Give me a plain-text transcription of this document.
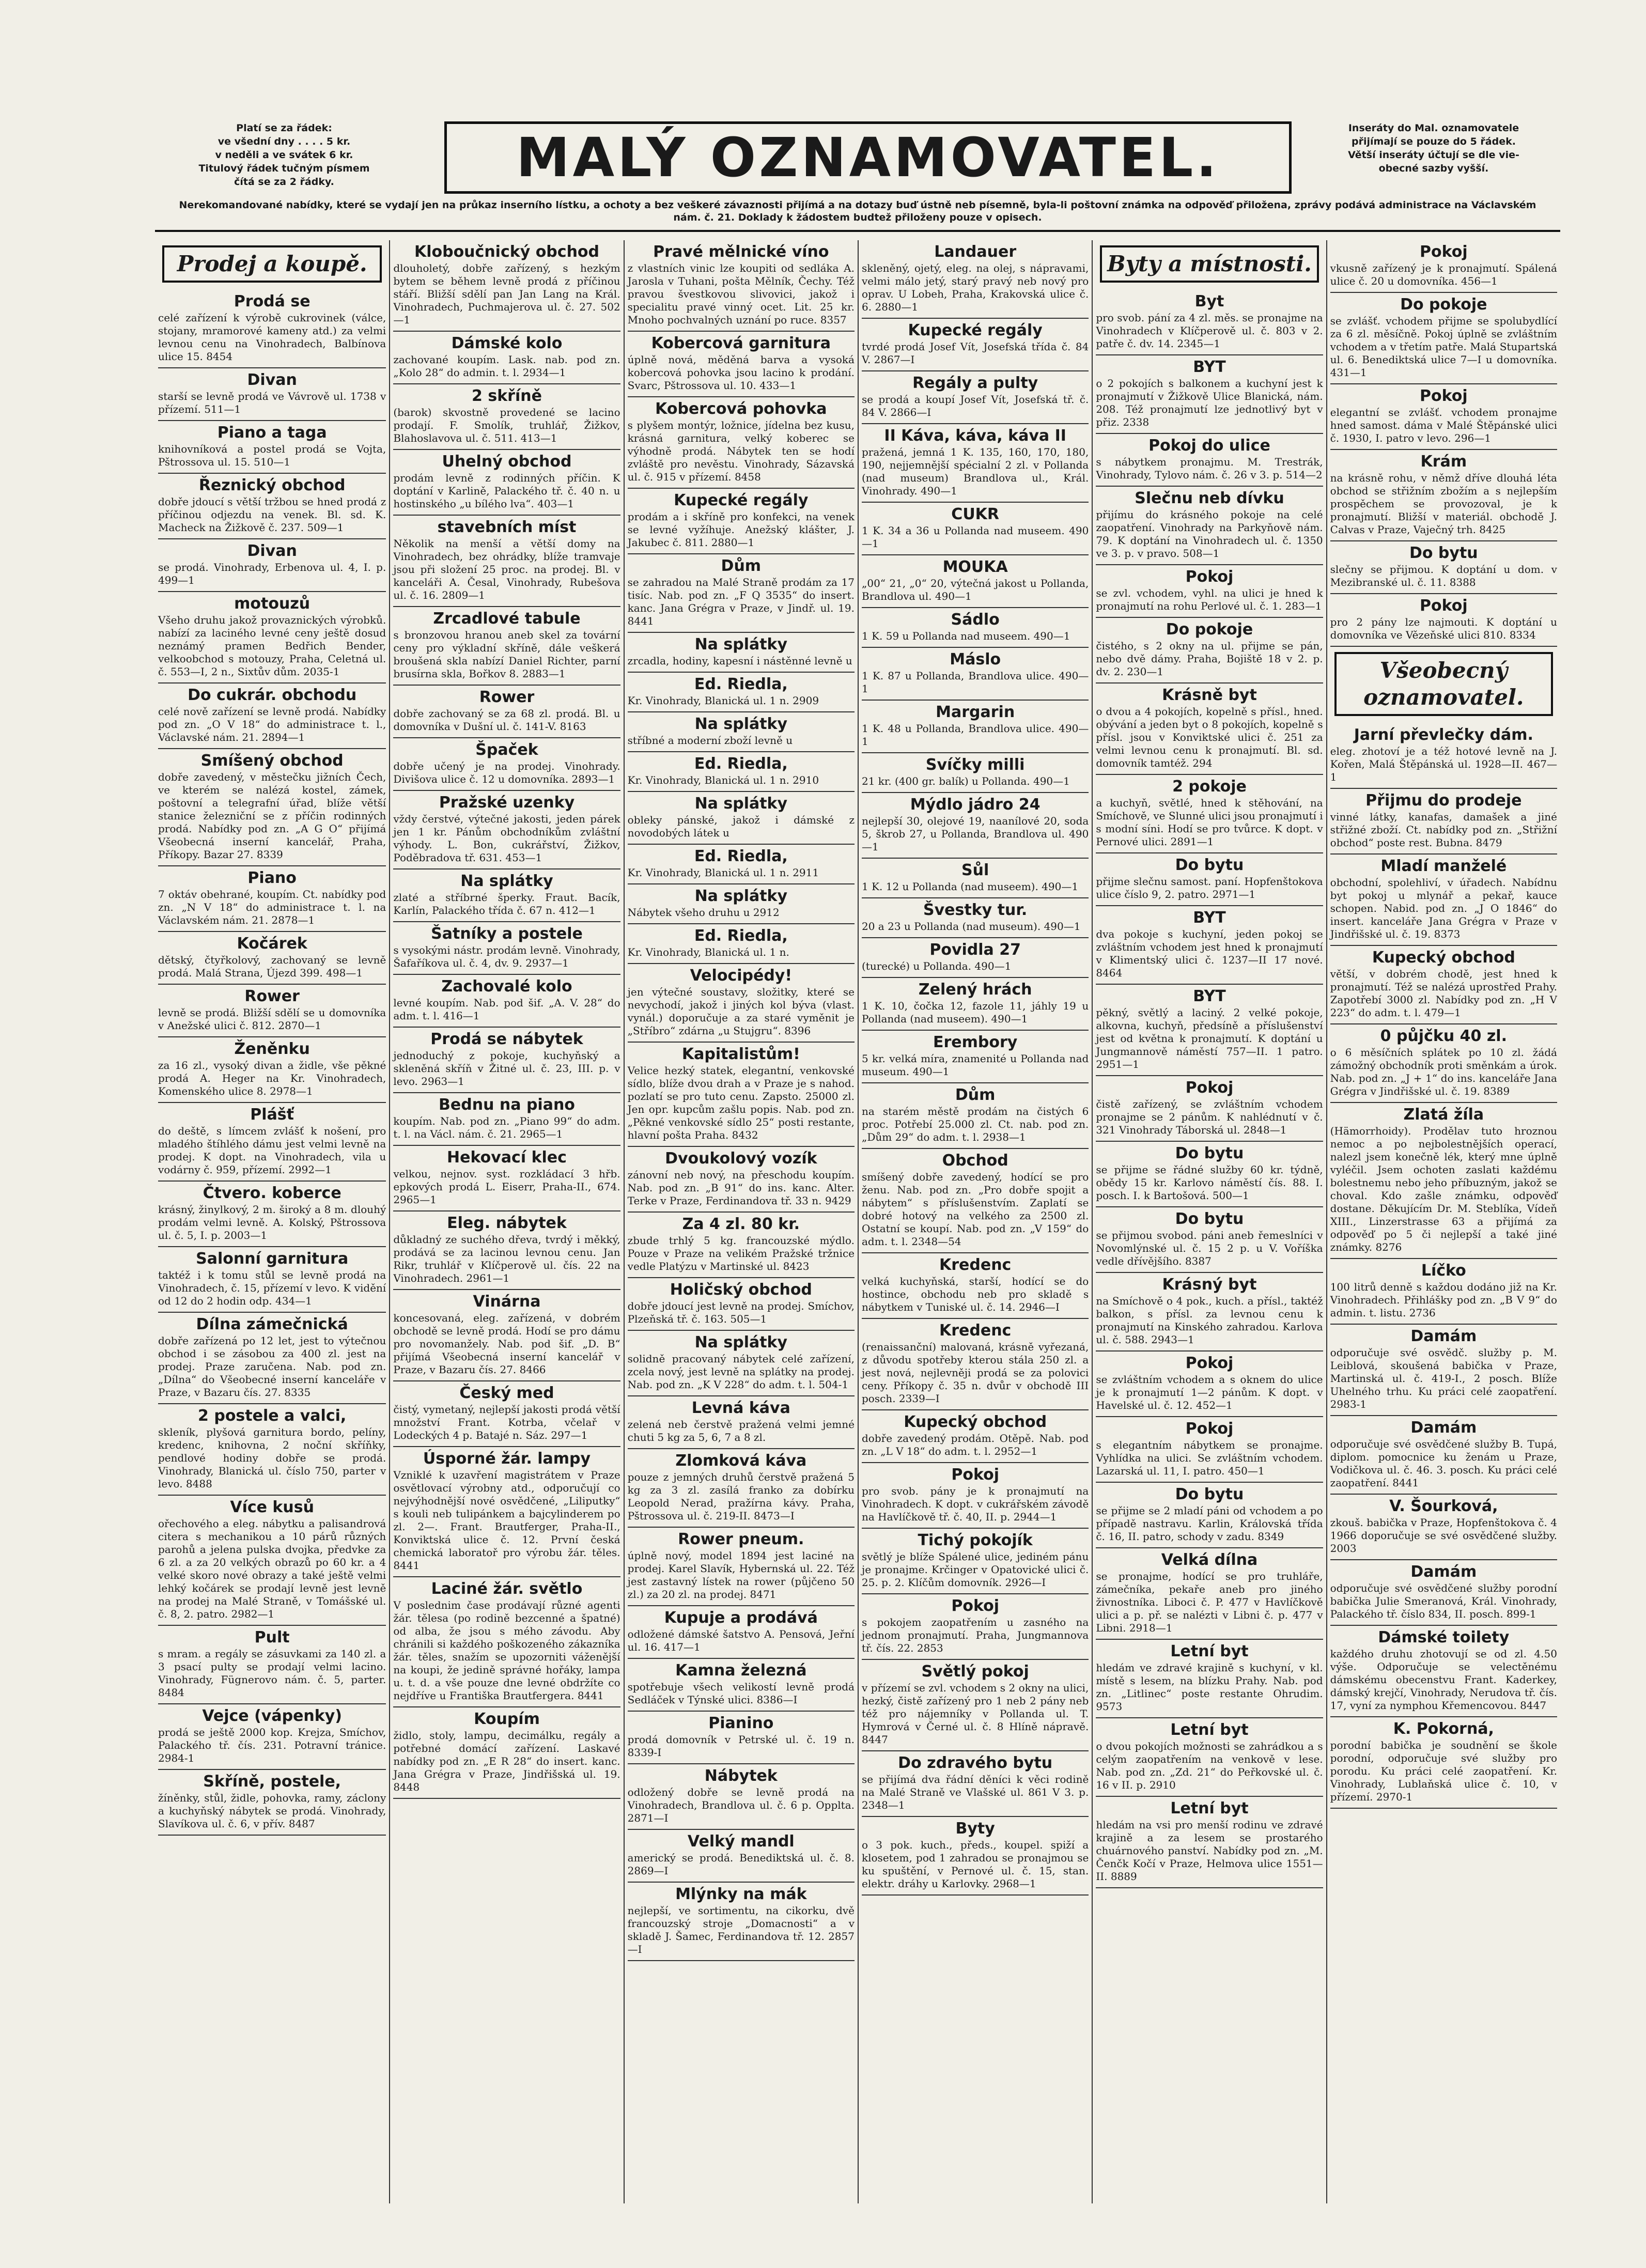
Platí se za řádek:
ve všední dny . . . . 5 kr.
v neděli a ve svátek 6 kr.
Titulový řádek tučným písmem
čítá se za 2 řádky.	MALÝ OZNAMOVATEL.	Inseráty do Mal. oznamovatele
přijímají se pouze do 5 řádek.
Větší inseráty účtují se dle vie-
obecné sazby vyšší.
Nerekomandované nabídky, které se vydají jen na průkaz inserního lístku, a ochoty a bez veškeré závaznosti přijímá a na dotazy buď ústně neb písemně, byla-li poštovní známka na odpověď přiložena, zprávy podává administrace na Václavském nám. č. 21. Doklady k žádostem budtež přiloženy pouze v opisech.
Prodej a koupě.
Prodá se

celé zařízení k výrobě cukrovinek (válce, stojany, mramorové kameny atd.) za velmi levnou cenu na Vinohradech, Balbínova ulice 15. 8454

Divan

starší se levně prodá ve Vávrově ul. 1738 v přízemí. 511—1

Piano a taga

knihovníková a postel prodá se Vojta, Pštrossova ul. 15. 510—1

Řeznický obchod

dobře jdoucí s větší tržbou se hned prodá z příčinou odjezdu na venek. Bl. sd. K. Macheck na Žižkově č. 237. 509—1

Divan

se prodá. Vinohrady, Erbenova ul. 4, I. p. 499—1

motouzů

Všeho druhu jakož provaznických výrobků. nabízí za laciného levné ceny ještě dosud neznámý pramen Bedřich Bender, velkoobchod s motouzy, Praha, Celetná ul. č. 553—I, 2 n., Sixtův dům. 2035-1

Do cukrár. obchodu

celé nově zařízení se levně prodá. Nabídky pod zn. „O V 18“ do administrace t. l., Václavské nám. 21. 2894—1

Smíšený obchod

dobře zavedený, v městečku jižních Čech, ve kterém se nalézá kostel, zámek, poštovní a telegrafní úřad, blíže větší stanice železniční se z příčin rodinných prodá. Nabídky pod zn. „A G O“ přijímá Všeobecná inserní kancelář, Praha, Příkopy. Bazar 27. 8339

Piano

7 oktáv obehrané, koupím. Ct. nabídky pod zn. „N V 18“ do administrace t. l. na Václavském nám. 21. 2878—1

Kočárek

dětský, čtyřkolový, zachovaný se levně prodá. Malá Strana, Újezd 399. 498—1

Rower

levně se prodá. Bližší sdělí se u domovníka v Anežské ulici č. 812. 2870—1

Ženěnku

za 16 zl., vysoký divan a židle, vše pěkné prodá A. Heger na Kr. Vinohradech, Komenského ulice 8. 2978—1

Plášť

do deště, s límcem zvlášť k nošení, pro mladého štíhlého dámu jest velmi levně na prodej. K dopt. na Vinohradech, vila u vodárny č. 959, přízemí. 2992—1

Čtvero. koberce

krásný, žinylkový, 2 m. široký a 8 m. dlouhý prodám velmi levně. A. Kolský, Pštrossova ul. č. 5, I. p. 2003—1

Salonní garnitura

taktéž i k tomu stůl se levně prodá na Vinohradech, č. 15, přízemí v levo. K vidění od 12 do 2 hodin odp. 434—1

Dílna zámečnická

dobře zařízená po 12 let, jest to výtečnou obchod i se zásobou za 400 zl. jest na prodej. Praze zaručena. Nab. pod zn. „Dílna“ do Všeobecné inserní kanceláře v Praze, v Bazaru čís. 27. 8335

2 postele a valci,

skleník, plyšová garnitura bordo, pelíny, kredenc, knihovna, 2 noční skříňky, pendlové hodiny dobře se prodá. Vinohrady, Blanická ul. číslo 750, parter v levo. 8488

Více kusů

ořechového a eleg. nábytku a palisandrová citera s mechanikou a 10 párů různých parohů a jelena pulska dvojka, předvke za 6 zl. a za 20 velkých obrazů po 60 kr. a 4 velké skoro nové obrazy a také ještě velmi lehký kočárek se prodají levně jest levně na prodej na Malé Straně, v Tomášské ul. č. 8, 2. patro. 2982—1

Pult

s mram. a regály se zásuvkami za 140 zl. a 3 psací pulty se prodají velmi lacino. Vinohrady, Fügnerovo nám. č. 5, parter. 8484

Vejce (vápenky)

prodá se ještě 2000 kop. Krejza, Smíchov, Palackého tř. čís. 231. Potravní tránice. 2984-1

Skříně, postele,

žíněnky, stůl, židle, pohovka, ramy, záclony a kuchyňský nábytek se prodá. Vinohrady, Slavíkova ul. č. 6, v přív. 8487

Kloboučnický obchod

dlouholetý, dobře zařízený, s hezkým bytem se během levně prodá z příčinou stáří. Bližší sdělí pan Jan Lang na Král. Vinohradech, Puchmajerova ul. č. 27. 502—1

Dámské kolo

zachované koupím. Lask. nab. pod zn. „Kolo 28“ do admin. t. l. 2934—1

2 skříně

(barok) skvostně provedené se lacino prodají. F. Smolík, truhlář, Žižkov, Blahoslavova ul. č. 511. 413—1

Uhelný obchod

prodám levně z rodinných příčin. K doptání v Karlině, Palackého tř. č. 40 n. u hostinského „u bílého lva“. 403—1

stavebních míst

Několik na menší a větší domy na Vinohradech, bez ohrádky, blíže tramvaje jsou při složení 25 proc. na prodej. Bl. v kanceláři A. Česal, Vinohrady, Rubešova ul. č. 16. 2809—1

Zrcadlové tabule

s bronzovou hranou aneb skel za tovární ceny pro výkladní skříně, dále veškerá broušená skla nabízí Daniel Richter, parní brusírna skla, Bořkov 8. 2883—1

Rower

dobře zachovaný se za 68 zl. prodá. Bl. u domovníka v Dušní ul. č. 141-V. 8163

Špaček

dobře učený je na prodej. Vinohrady. Divišova ulice č. 12 u domovníka. 2893—1

Pražské uzenky

vždy čerstvé, výtečné jakosti, jeden párek jen 1 kr. Pánům obchodníkům zvláštní výhody. L. Bon, cukrářství, Žižkov, Poděbradova tř. 631. 453—1

Na splátky

zlaté a stříbrné šperky. Fraut. Bacík, Karlín, Palackého třída č. 67 n. 412—1

Šatníky a postele

s vysokými nástr. prodám levně. Vinohrady, Šafaříkova ul. č. 4, dv. 9. 2937—1

Zachovalé kolo

levné koupím. Nab. pod šif. „A. V. 28“ do adm. t. l. 416—1

Prodá se nábytek

jednoduchý z pokoje, kuchyňský a skleněná skříň v Žitné ul. č. 23, III. p. v levo. 2963—1

Bednu na piano

koupím. Nab. pod zn. „Piano 99“ do adm. t. l. na Václ. nám. č. 21. 2965—1

Hekovací klec

velkou, nejnov. syst. rozkládací 3 hřb. epkových prodá L. Eiserr, Praha-II., 674. 2965—1

Eleg. nábytek

důkladný ze suchého dřeva, tvrdý i měkký, prodává se za lacinou levnou cenu. Jan Rikr, truhlář v Klíčperově ul. čís. 22 na Vinohradech. 2961—1

Vinárna

koncesovaná, eleg. zařízená, v dobrém obchodě se levně prodá. Hodí se pro dámu pro novomanžely. Nab. pod šif. „D. B“ přijímá Všeobecná inserní kancelář v Praze, v Bazaru čís. 27. 8466

Český med

čistý, vymetaný, nejlepší jakosti prodá větší množství Frant. Kotrba, včelař v Lodeckých 4 p. Batajé n. Sáz. 297—1

Úsporné žár. lampy

Vzniklé k uzavření magistrátem v Praze osvětlovací výrobny atd., odporučují co nejvýhodnější nové osvědčené, „Liliputky“ s kouli neb tulipánkem a bajcylinderem po zl. 2—. Frant. Brautferger, Praha-II., Konviktská ulice č. 12. První česká chemická laboratoř pro výrobu žár. těles. 8441

Laciné žár. světlo

V poslednim čase prodávají různé agenti žár. tělesa (po rodině bezcenné a špatné) od alba, že jsou s mého závodu. Aby chránili si každého poškozeného zákazníka žár. těles, snažím se upozorniti váženější na koupi, že jedině správné hořáky, lampa u. t. d. a vše pouze dne levné obdržíte co nejdříve u Františka Brautfergera. 8441

Koupím

židlo, stoly, lampu, decimálku, regály a potřebné domácí zařízení. Laskavé nabídky pod zn. „E R 28“ do insert. kanc. Jana Grégra v Praze, Jindřišská ul. 19. 8448

Pravé mělnické víno

z vlastních vinic lze koupiti od sedláka A. Jarosla v Tuhani, pošta Mělník, Čechy. Též pravou švestkovou slivovici, jakož i specialitu pravé vinný ocet. Lit. 25 kr. Mnoho pochvalných uznání po ruce. 8357

Kobercová garnitura

úplně nová, měděná barva a vysoká kobercová pohovka jsou lacino k prodání. Svarc, Pštrossova ul. 10. 433—1

Kobercová pohovka

s plyšem montýr, ložnice, jídelna bez kusu, krásná garnitura, velký koberec se výhodně prodá. Nábytek ten se hodí zvláště pro nevěstu. Vinohrady, Sázavská ul. č. 915 v přízemí. 8458

Kupecké regály

prodám a i skříně pro konfekci, na venek se levné vyžíhuje. Anežský klášter, J. Jakubec č. 811. 2880—1

Dům

se zahradou na Malé Straně prodám za 17 tisíc. Nab. pod zn. „F Q 3535“ do insert. kanc. Jana Grégra v Praze, v Jindř. ul. 19. 8441

Na splátky

zrcadla, hodiny, kapesní i nástěnné levně u

Ed. Riedla,

Kr. Vinohrady, Blanická ul. 1 n. 2909

Na splátky

stříbné a moderní zboží levně u

Ed. Riedla,

Kr. Vinohrady, Blanická ul. 1 n. 2910

Na splátky

obleky pánské, jakož i dámské z novodobých látek u

Ed. Riedla,

Kr. Vinohrady, Blanická ul. 1 n. 2911

Na splátky

Nábytek všeho druhu u 2912

Ed. Riedla,

Kr. Vinohrady, Blanická ul. 1 n.

Velocipédy!

jen výtečné soustavy, složitky, které se nevychodí, jakož i jiných kol býva (vlast. vynál.) doporučuje a za staré vyměnit je „Stříbro“ zdárna „u Stujgru“. 8396

Kapitalistům!

Velice hezký statek, elegantní, venkovské sídlo, blíže dvou drah a v Praze je s nahod. pozlatí se pro tuto cenu. Zapsto. 25000 zl. Jen opr. kupcům zašlu popis. Nab. pod zn. „Pěkné venkovské sídlo 25“ posti restante, hlavní pošta Praha. 8432

Dvoukolový vozík

zánovní neb nový, na přeschodu koupím. Nab. pod zn. „B 91“ do ins. kanc. Alter. Terke v Praze, Ferdinandova tř. 33 n. 9429

Za 4 zl. 80 kr.

zbude trhlý 5 kg. francouzské mýdlo. Pouze v Praze na velikém Pražské tržnice vedle Platýzu v Martinské ul. 8423

Holičský obchod

dobře jdoucí jest levně na prodej. Smíchov, Plzeňská tř. č. 163. 505—1

Na splátky

solidně pracovaný nábytek celé zařízení, zcela nový, jest levně na splátky na prodej. Nab. pod zn. „K V 228“ do adm. t. l. 504-1

Levná káva

zelená neb čerstvě pražená velmi jemné chuti 5 kg za 5, 6, 7 a 8 zl.

Zlomková káva

pouze z jemných druhů čerstvě pražená 5 kg za 3 zl. zasílá franko za dobírku Leopold Nerad, pražírna kávy. Praha, Pštrossova ul. č. 219-II. 8473—I

Rower pneum.

úplně nový, model 1894 jest laciné na prodej. Karel Slavík, Hybernská ul. 22. Též jest zastavný lístek na rower (půjčeno 50 zl.) za 20 zl. na prodej. 8471

Kupuje a prodává

odložené dámské šatstvo A. Pensová, Jeřní ul. 16. 417—1

Kamna železná

spotřebuje všech velikostí levně prodá Sedláček v Týnské ulici. 8386—I

Pianino

prodá domovník v Petrské ul. č. 19 n. 8339-I

Nábytek

odložený dobře se levně prodá na Vinohradech, Brandlova ul. č. 6 p. Opplta. 2871—I

Velký mandl

americký se prodá. Benediktská ul. č. 8. 2869—I

Mlýnky na mák

nejlepší, ve sortimentu, na cikorku, dvě francouzský stroje „Domacnosti“ a v skladě J. Šamec, Ferdinandova tř. 12. 2857—I

Landauer

skleněný, ojetý, eleg. na olej, s nápravami, velmi málo jetý, starý pravý neb nový pro oprav. U Lobeh, Praha, Krakovská ulice č. 6. 2880—1

Kupecké regály

tvrdé prodá Josef Vít, Josefská třída č. 84 V. 2867—I

Regály a pulty

se prodá a koupí Josef Vít, Josefská tř. č. 84 V. 2866—I

II Káva, káva, káva II

pražená, jemná 1 K. 135, 160, 170, 180, 190, nejjemnější spécialní 2 zl. v Pollanda (nad museum) Brandlova ul., Král. Vinohrady. 490—1

CUKR

1 K. 34 a 36 u Pollanda nad museem. 490—1

MOUKA

„00“ 21, „0“ 20, výtečná jakost u Pollanda, Brandlova ul. 490—1

Sádlo

1 K. 59 u Pollanda nad museem. 490—1

Máslo

1 K. 87 u Pollanda, Brandlova ulice. 490—1

Margarin

1 K. 48 u Pollanda, Brandlova ulice. 490—1

Svíčky milli

21 kr. (400 gr. balík) u Pollanda. 490—1

Mýdlo jádro 24

nejlepší 30, olejové 19, naanílové 20, soda 5, škrob 27, u Pollanda, Brandlova ul. 490—1

Sůl

1 K. 12 u Pollanda (nad museem). 490—1

Švestky tur.

20 a 23 u Pollanda (nad museum). 490—1

Povidla 27

(turecké) u Pollanda. 490—1

Zelený hrách

1 K. 10, čočka 12, fazole 11, jáhly 19 u Pollanda (nad museem). 490—1

Erembory

5 kr. velká míra, znamenité u Pollanda nad museum. 490—1

Dům

na starém městě prodám na čistých 6 proc. Potřebí 25.000 zl. Ct. nab. pod zn. „Dům 29“ do adm. t. l. 2938—1

Obchod

smíšený dobře zavedený, hodící se pro ženu. Nab. pod zn. „Pro dobře spojit a nábytem“ s příslušenstvím. Zaplatí se dobré hotový na velkého za 2500 zl. Ostatní se koupí. Nab. pod zn. „V 159“ do adm. t. l. 2348—54

Kredenc

velká kuchyňská, starší, hodící se do hostince, obchodu neb pro skladě s nábytkem v Tuniské ul. č. 14. 2946—I

Kredenc

(renaissanční) malovaná, krásně vyřezaná, z důvodu spotřeby kterou stála 250 zl. a jest nová, nejlevněji prodá se za polovici ceny. Příkopy č. 35 n. dvůr v obchodě III posch. 2339—I

Kupecký obchod

dobře zavedený prodám. Otěpě. Nab. pod zn. „L V 18“ do adm. t. l. 2952—1

Pokoj

pro svob. pány je k pronajmutí na Vinohradech. K dopt. v cukrářském závodě na Havlíčkově tř. č. 40, II. p. 2944—1

Tichý pokojík

světlý je blíže Spálené ulice, jediném pánu je pronajme. Krčinger v Opatovické ulici č. 25. p. 2. Klíčům domovník. 2926—I

Pokoj

s pokojem zaopatřením u zasného na jednom pronajmutí. Praha, Jungmannova tř. čís. 22. 2853

Světlý pokoj

v přízemí se zvl. vchodem s 2 okny na ulici, hezký, čistě zařízený pro 1 neb 2 pány neb též pro nájemníky v Pollanda ul. T. Hymrová v Černé ul. č. 8 Hlíně nápravě. 8447

Do zdravého bytu

se přijímá dva řádní děníci k věci rodině na Malé Straně ve Vlašské ul. 861 V 3. p. 2348—1

Byty

o 3 pok. kuch., předs., koupel. spiží a klosetem, pod 1 zahradou se pronajmou se ku spuštění, v Pernové ul. č. 15, stan. elektr. dráhy u Karlovky. 2968—1

Byty a místnosti.
Byt

pro svob. pání za 4 zl. měs. se pronajme na Vinohradech v Klíčperově ul. č. 803 v 2. patře č. dv. 14. 2345—1

BYT

o 2 pokojích s balkonem a kuchyní jest k pronajmutí v Žižkově Ulice Blanická, nám. 208. Též pronajmutí lze jednotlivý byt v přiz. 2338

Pokoj do ulice

s nábytkem pronajmu. M. Trestrák, Vinohrady, Tylovo nám. č. 26 v 3. p. 514—2

Slečnu neb dívku

přijímu do krásného pokoje na celé zaopatření. Vinohrady na Parkyňově nám. 79. K doptání na Vinohradech ul. č. 1350 ve 3. p. v pravo. 508—1

Pokoj

se zvl. vchodem, vyhl. na ulici je hned k pronajmutí na rohu Perlové ul. č. 1. 283—1

Do pokoje

čistého, s 2 okny na ul. přijme se pán, nebo dvě dámy. Praha, Bojiště 18 v 2. p. dv. 2. 230—1

Krásně byt

o dvou a 4 pokojích, kopelně s přísl., hned. obývání a jeden byt o 8 pokojích, kopelně s přísl. jsou v Konviktské ulici č. 251 za velmi levnou cenu k pronajmutí. Bl. sd. domovník tamtéž. 294

2 pokoje

a kuchyň, světlé, hned k stěhování, na Smíchově, ve Slunné ulici jsou pronajmutí i s modní síni. Hodí se pro tvůrce. K dopt. v Pernové ulici. 2891—1

Do bytu

přijme slečnu samost. paní. Hopfenštokova ulice číslo 9, 2. patro. 2971—1

BYT

dva pokoje s kuchyní, jeden pokoj se zvláštním vchodem jest hned k pronajmutí v Klimentský ulici č. 1237—II 17 nové. 8464

BYT

pěkný, světlý a laciný. 2 velké pokoje, alkovna, kuchyň, předsíně a příslušenství jest od května k pronajmutí. K doptání u Jungmannově náměstí 757—II. 1 patro. 2951—1

Pokoj

čistě zařízený, se zvláštním vchodem pronajme se 2 pánům. K nahlédnutí v č. 321 Vinohrady Táborská ul. 2848—1

Do bytu

se přijme se řádné služby 60 kr. týdně, obědy 15 kr. Karlovo náměstí čís. 88. I. posch. I. k Bartošová. 500—1

Do bytu

se přijmou svobod. páni aneb řemeslníci v Novomlýnské ul. č. 15 2 p. u V. Voříška vedle dřívějšího. 8387

Krásný byt

na Smíchově o 4 pok., kuch. a přísl., taktéž balkon, s přísl. za levnou cenu k pronajmutí na Kinského zahradou. Karlova ul. č. 588. 2943—1

Pokoj

se zvláštním vchodem a s oknem do ulice je k pronajmutí 1—2 pánům. K dopt. v Havelské ul. č. 12. 452—1

Pokoj

s elegantním nábytkem se pronajme. Vyhlídka na ulici. Se zvláštním vchodem. Lazarská ul. 11, I. patro. 450—1

Do bytu

se přijme se 2 mladí páni od vchodem a po případě nastravu. Karlin, Královská třída č. 16, II. patro, schody v zadu. 8349

Velká dílna

se pronajme, hodící se pro truhláře, zámečníka, pekaře aneb pro jiného živnostníka. Liboci č. P. 477 v Havlíčkově ulici a p. př. se nalézti v Libni č. p. 477 v Libni. 2918—1

Letní byt

hledám ve zdravé krajině s kuchyní, v kl. místě s lesem, na blízku Prahy. Nab. pod zn. „Litlinec“ poste restante Ohrudim. 9573

Letní byt

o dvou pokojích možnosti se zahrádkou a s celým zaopatřením na venkově v lese. Nab. pod zn. „Zd. 21“ do Peřkovské ul. č. 16 v II. p. 2910

Letní byt

hledám na vsi pro menší rodinu ve zdravé krajině a za lesem se prostarého chuárnového panství. Nabídky pod zn. „M. Čenčk Kočí v Praze, Helmova ulice 1551—II. 8889

Pokoj

vkusně zařízený je k pronajmutí. Spálená ulice č. 20 u domovníka. 456—1

Do pokoje

se zvlášť. vchodem přijme se spolubydlící za 6 zl. měsíčně. Pokoj úplně se zvláštním vchodem a v třetím patře. Malá Stupartská ul. 6. Benediktská ulice 7—I u domovníka. 431—1

Pokoj

elegantní se zvlášť. vchodem pronajme hned samost. dáma v Malé Štěpánské ulici č. 1930, I. patro v levo. 296—1

Krám

na krásně rohu, v němž dříve dlouhá léta obchod se střižním zbožím a s nejlepším prospěchem se provozoval, je k pronajmutí. Bližší v materiál. obchodě J. Calvas v Praze, Vaječný trh. 8425

Do bytu

slečny se přijmou. K doptání u dom. v Mezibranské ul. č. 11. 8388

Pokoj

pro 2 pány lze najmouti. K doptání u domovníka ve Vězeňské ulici 810. 8334

Všeobecný oznamovatel.
Jarní převlečky dám.

eleg. zhotoví je a též hotové levně na J. Kořen, Malá Štěpánská ul. 1928—II. 467—1

Přijmu do prodeje

vinné látky, kanafas, damašek a jiné střižné zboží. Ct. nabídky pod zn. „Střižní obchod“ poste rest. Bubna. 8479

Mladí manželé

obchodní, spolehliví, v úřadech. Nabídnu byt pokoj u mlynář a pekař, kauce schopen. Nabid. pod zn. „J O 1846“ do insert. kanceláře Jana Grégra v Praze v Jindřišské ul. č. 19. 8373

Kupecký obchod

větší, v dobrém chodě, jest hned k pronajmutí. Též se nalézá uprostřed Prahy. Zapotřebí 3000 zl. Nabídky pod zn. „H V 223“ do adm. t. l. 479—1

0 půjčku 40 zl.

o 6 měsíčních splátek po 10 zl. žádá zámožný obchodník proti směnkám a úrok. Nab. pod zn. „J + 1“ do ins. kanceláře Jana Grégra v Jindřišské ul. č. 19. 8389

Zlatá žíla

(Hämorrhoidy). Prodělav tuto hroznou nemoc a po nejbolestnějších operací, nalezl jsem konečně lék, který mne úplně vyléčil. Jsem ochoten zaslati každému bolestnemu nebo jeho příbuzným, jakož se choval. Kdo zašle známku, odpověď dostane. Děkujícím Dr. M. Steblíka, Vídeň XIII., Linzerstrasse 63 a přijímá za odpověď po 5 či nejlepší a také jiné známky. 8276

Líčko

100 litrů denně s každou dodáno již na Kr. Vinohradech. Přihlášky pod zn. „B V 9“ do admin. t. listu. 2736

Damám

odporučuje své osvědč. služby p. M. Leiblová, skoušená babička v Praze, Martinská ul. č. 419-I., 2 posch. Blíže Uhelného trhu. Ku práci celé zaopatření. 2983-1

Damám

odporučuje své osvědčené služby B. Tupá, diplom. pomocnice ku ženám u Praze, Vodičkova ul. č. 46. 3. posch. Ku práci celé zaopatření. 8441

V. Šourková,

zkouš. babička v Praze, Hopfenštokova č. 4 1966 doporučuje se své osvědčené služby. 2003

Damám

odporučuje své osvědčené služby porodní babička Julie Smeranová, Král. Vinohrady, Palackého tř. číslo 834, II. posch. 899-1

Dámské toilety

každého druhu zhotovují se od zl. 4.50 výše. Odporučuje se velectěnému dámskému obecenstvu Frant. Kaderkey, dámský krejčí, Vinohrady, Nerudova tř. čís. 17, vyní za nymphou Křemencovou. 8447

K. Pokorná,

porodní babička je soudnění se škole porodní, odporučuje své služby pro porodu. Ku práci celé zaopatření. Kr. Vinohrady, Lublaňská ulice č. 10, v přízemí. 2970-1
